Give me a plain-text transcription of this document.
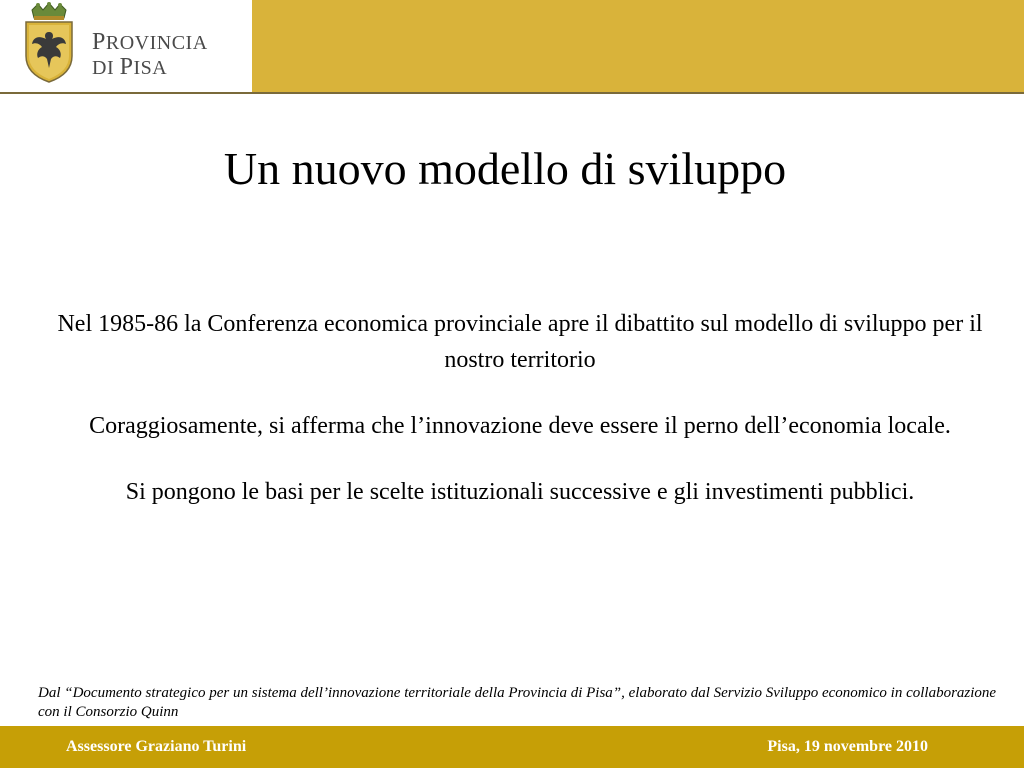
PROVINCIA
DI PISA
Un nuovo modello di sviluppo

Nel 1985-86 la Conferenza economica provinciale apre il dibattito sul modello di sviluppo per il nostro territorio

Coraggiosamente, si afferma che l’innovazione deve essere il perno dell’economia locale.

Si pongono le basi per le scelte istituzionali successive e gli investimenti pubblici.

Dal “Documento strategico per un sistema dell’innovazione territoriale della Provincia di Pisa”, elaborato dal Servizio Sviluppo economico in collaborazione con il Consorzio Quinn

Assessore Graziano Turini	Pisa, 19 novembre 2010
